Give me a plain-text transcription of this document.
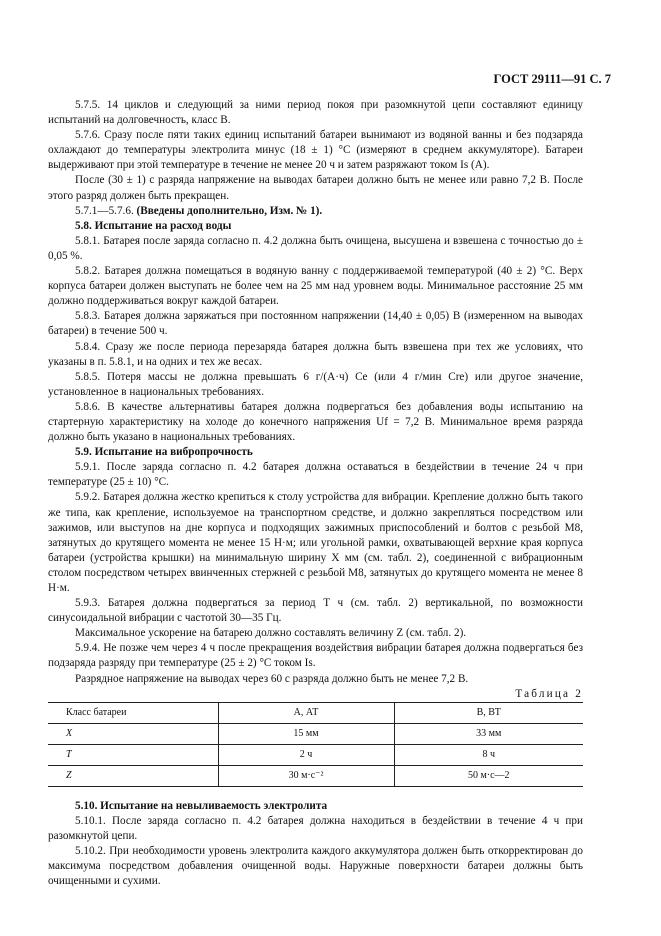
ГОСТ 29111—91 С. 7

5.7.5. 14 циклов и следующий за ними период покоя при разомкнутой цепи составляют единицу испытаний на долговечность, класс В.

5.7.6. Сразу после пяти таких единиц испытаний батареи вынимают из водяной ванны и без подзаряда охлаждают до температуры электролита минус (18 ± 1) °С (измеряют в среднем аккумуляторе). Батареи выдерживают при этой температуре в течение не менее 20 ч и затем разряжают током Is (А).

После (30 ± 1) с разряда напряжение на выводах батареи должно быть не менее или равно 7,2 В. После этого разряд должен быть прекращен.

5.7.1—5.7.6. (Введены дополнительно, Изм. № 1).

5.8. Испытание на расход воды

5.8.1. Батарея после заряда согласно п. 4.2 должна быть очищена, высушена и взвешена с точностью до ± 0,05 %.

5.8.2. Батарея должна помещаться в водяную ванну с поддерживаемой температурой (40 ± 2) °С. Верх корпуса батареи должен выступать не более чем на 25 мм над уровнем воды. Минимальное расстояние 25 мм должно поддерживаться вокруг каждой батареи.

5.8.3. Батарея должна заряжаться при постоянном напряжении (14,40 ± 0,05) В (измеренном на выводах батареи) в течение 500 ч.

5.8.4. Сразу же после периода перезаряда батарея должна быть взвешена при тех же условиях, что указаны в п. 5.8.1, и на одних и тех же весах.

5.8.5. Потеря массы не должна превышать 6 г/(А·ч) Ce (или 4 г/мин Cre) или другое значение, установленное в национальных требованиях.

5.8.6. В качестве альтернативы батарея должна подвергаться без добавления воды испытанию на стартерную характеристику на холоде до конечного напряжения Uf = 7,2 В. Минимальное время разряда должно быть указано в национальных требованиях.

5.9. Испытание на вибропрочность

5.9.1. После заряда согласно п. 4.2 батарея должна оставаться в бездействии в течение 24 ч при температуре (25 ± 10) °С.

5.9.2. Батарея должна жестко крепиться к столу устройства для вибрации. Крепление должно быть такого же типа, как крепление, используемое на транспортном средстве, и должно закрепляться посредством или зажимов, или выступов на дне корпуса и подходящих зажимных приспособлений и болтов с резьбой М8, затянутых до крутящего момента не менее 15 Н·м; или угольной рамки, охватывающей верхние края корпуса батареи (устройства крышки) на минимальную ширину X мм (см. табл. 2), соединенной с вибрационным столом посредством четырех ввинченных стержней с резьбой М8, затянутых до крутящего момента не менее 8 Н·м.

5.9.3. Батарея должна подвергаться за период T ч (см. табл. 2) вертикальной, по возможности синусоидальной вибрации с частотой 30—35 Гц.

Максимальное ускорение на батарею должно составлять величину Z (см. табл. 2).

5.9.4. Не позже чем через 4 ч после прекращения воздействия вибрации батарея должна подвергаться без подзаряда разряду при температуре (25 ± 2) °С током Is.

Разрядное напряжение на выводах через 60 с разряда должно быть не менее 7,2 В.

Таблица 2

Класс батареи	А, АТ	В, ВТ
X	15 мм	33 мм
T	2 ч	8 ч
Z	30 м·с⁻²	50 м·с—2

5.10. Испытание на невыливаемость электролита

5.10.1. После заряда согласно п. 4.2 батарея должна находиться в бездействии в течение 4 ч при разомкнутой цепи.

5.10.2. При необходимости уровень электролита каждого аккумулятора должен быть откорректирован до максимума посредством добавления очищенной воды. Наружные поверхности батареи должны быть очищенными и сухими.
